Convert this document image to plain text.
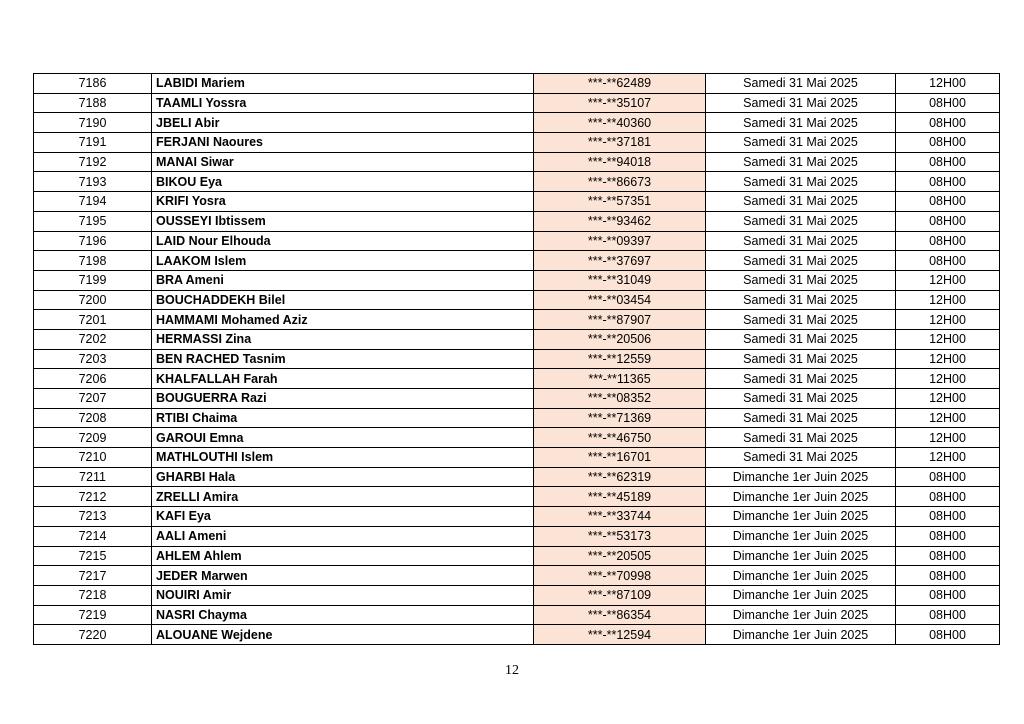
7186	LABIDI Mariem	***-**62489	Samedi 31 Mai 2025	12H00
7188	TAAMLI Yossra	***-**35107	Samedi 31 Mai 2025	08H00
7190	JBELI Abir	***-**40360	Samedi 31 Mai 2025	08H00
7191	FERJANI Naoures	***-**37181	Samedi 31 Mai 2025	08H00
7192	MANAI Siwar	***-**94018	Samedi 31 Mai 2025	08H00
7193	BIKOU Eya	***-**86673	Samedi 31 Mai 2025	08H00
7194	KRIFI Yosra	***-**57351	Samedi 31 Mai 2025	08H00
7195	OUSSEYI Ibtissem	***-**93462	Samedi 31 Mai 2025	08H00
7196	LAID Nour Elhouda	***-**09397	Samedi 31 Mai 2025	08H00
7198	LAAKOM Islem	***-**37697	Samedi 31 Mai 2025	08H00
7199	BRA Ameni	***-**31049	Samedi 31 Mai 2025	12H00
7200	BOUCHADDEKH Bilel	***-**03454	Samedi 31 Mai 2025	12H00
7201	HAMMAMI Mohamed Aziz	***-**87907	Samedi 31 Mai 2025	12H00
7202	HERMASSI Zina	***-**20506	Samedi 31 Mai 2025	12H00
7203	BEN RACHED Tasnim	***-**12559	Samedi 31 Mai 2025	12H00
7206	KHALFALLAH Farah	***-**11365	Samedi 31 Mai 2025	12H00
7207	BOUGUERRA Razi	***-**08352	Samedi 31 Mai 2025	12H00
7208	RTIBI Chaima	***-**71369	Samedi 31 Mai 2025	12H00
7209	GAROUI Emna	***-**46750	Samedi 31 Mai 2025	12H00
7210	MATHLOUTHI Islem	***-**16701	Samedi 31 Mai 2025	12H00
7211	GHARBI Hala	***-**62319	Dimanche 1er Juin 2025	08H00
7212	ZRELLI Amira	***-**45189	Dimanche 1er Juin 2025	08H00
7213	KAFI Eya	***-**33744	Dimanche 1er Juin 2025	08H00
7214	AALI Ameni	***-**53173	Dimanche 1er Juin 2025	08H00
7215	AHLEM Ahlem	***-**20505	Dimanche 1er Juin 2025	08H00
7217	JEDER Marwen	***-**70998	Dimanche 1er Juin 2025	08H00
7218	NOUIRI Amir	***-**87109	Dimanche 1er Juin 2025	08H00
7219	NASRI Chayma	***-**86354	Dimanche 1er Juin 2025	08H00
7220	ALOUANE Wejdene	***-**12594	Dimanche 1er Juin 2025	08H00
12
